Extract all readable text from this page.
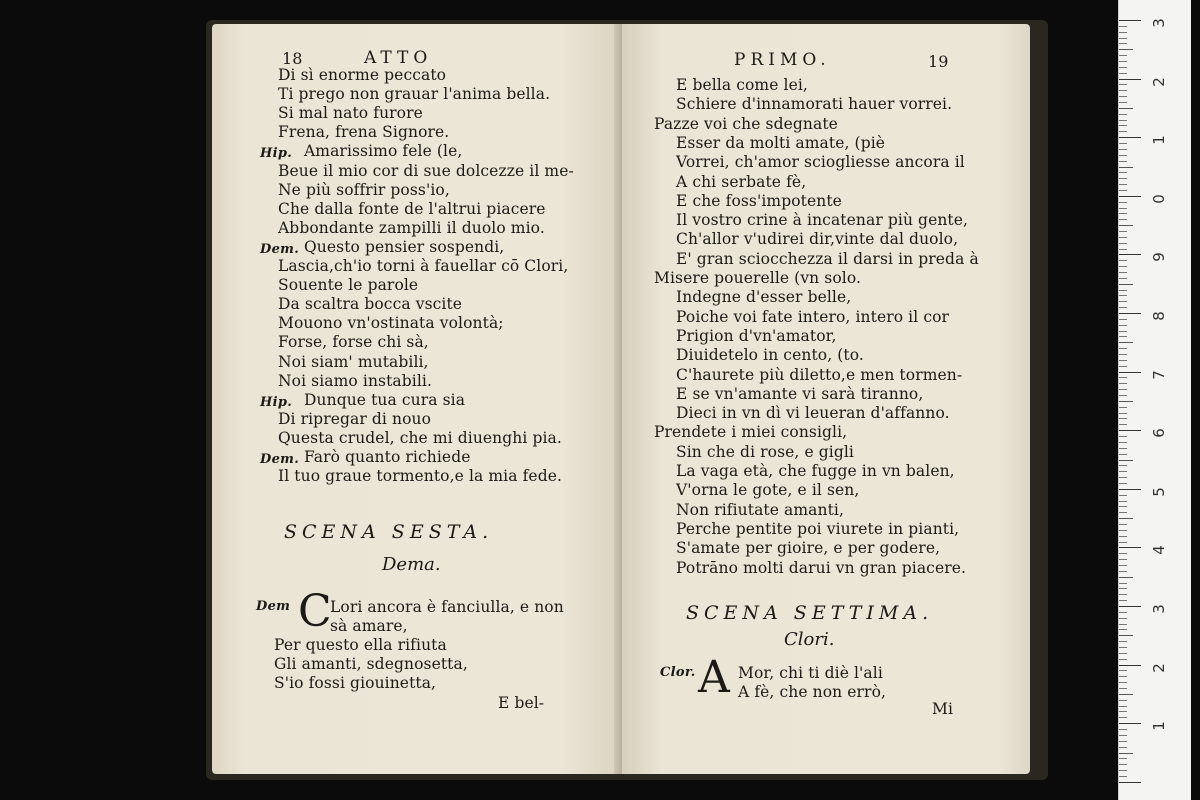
18	ATTO
Di sì enorme peccato
Ti prego non grauar l'anima bella.
Si mal nato furore
Frena, frena Signore.
Hip. Amarissimo fele (le,
Beue il mio cor di sue dolcezze il me-
Ne più soffrir poss'io,
Che dalla fonte de l'altrui piacere
Abbondante zampilli il duolo mio.
Dem. Questo pensier sospendi,
Lascia,ch'io torni à fauellar cō Clori,
Souente le parole
Da scaltra bocca vscite
Mouono vn'ostinata volontà;
Forse, forse chi sà,
Noi siam' mutabili,
Noi siamo instabili.
Hip. Dunque tua cura sia
Di ripregar di nouo
Questa crudel, che mi diuenghi pia.
Dem. Farò quanto richiede
Il tuo graue tormento,e la mia fede.
SCENA SESTA.
Dema.
Dem C
Lori ancora è fanciulla, e non
sà amare,
Per questo ella rifiuta
Gli amanti, sdegnosetta,
S'io fossi giouinetta,
E bel-
PRIMO.	19
E bella come lei,
Schiere d'innamorati hauer vorrei.
Pazze voi che sdegnate
Esser da molti amate, (piè
Vorrei, ch'amor sciogliesse ancora il
A chi serbate fè,
E che foss'impotente
Il vostro crine à incatenar più gente,
Ch'allor v'udirei dir,vinte dal duolo,
E' gran sciocchezza il darsi in preda à
Misere pouerelle (vn solo.
Indegne d'esser belle,
Poiche voi fate intero, intero il cor
Prigion d'vn'amator,
Diuidetelo in cento, (to.
C'haurete più diletto,e men tormen-
E se vn'amante vi sarà tiranno,
Dieci in vn dì vi leueran d'affanno.
Prendete i miei consigli,
Sin che di rose, e gigli
La vaga età, che fugge in vn balen,
V'orna le gote, e il sen,
Non rifiutate amanti,
Perche pentite poi viurete in pianti,
S'amate per gioire, e per godere,
Potrāno molti darui vn gran piacere.
SCENA SETTIMA.
Clori.
Clor. A Mor, chi ti diè l'ali
A fè, che non errò,
Mi
3
2
1
0
9
8
7
6
5
4
3
2
1
